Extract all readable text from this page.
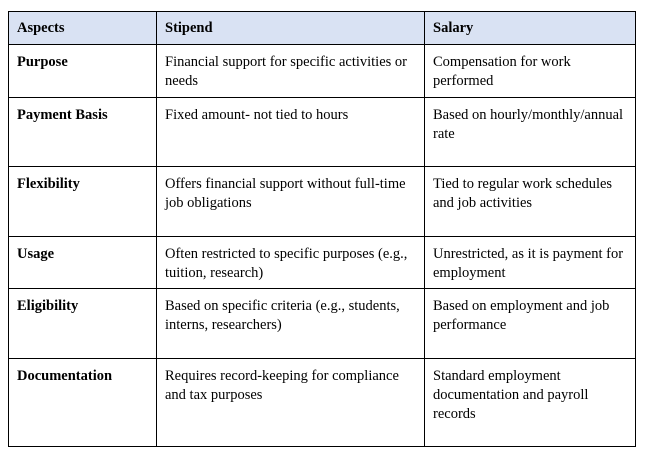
Aspects	Stipend	Salary
Purpose	Financial support for specific activities or needs	Compensation for work performed
Payment Basis	Fixed amount- not tied to hours	Based on hourly/monthly/annual rate
Flexibility	Offers financial support without full-time job obligations	Tied to regular work schedules and job activities
Usage	Often restricted to specific purposes (e.g., tuition, research)	Unrestricted, as it is payment for employment
Eligibility	Based on specific criteria (e.g., students, interns, researchers)	Based on employment and job performance
Documentation	Requires record-keeping for compliance and tax purposes	Standard employment documentation and payroll records
